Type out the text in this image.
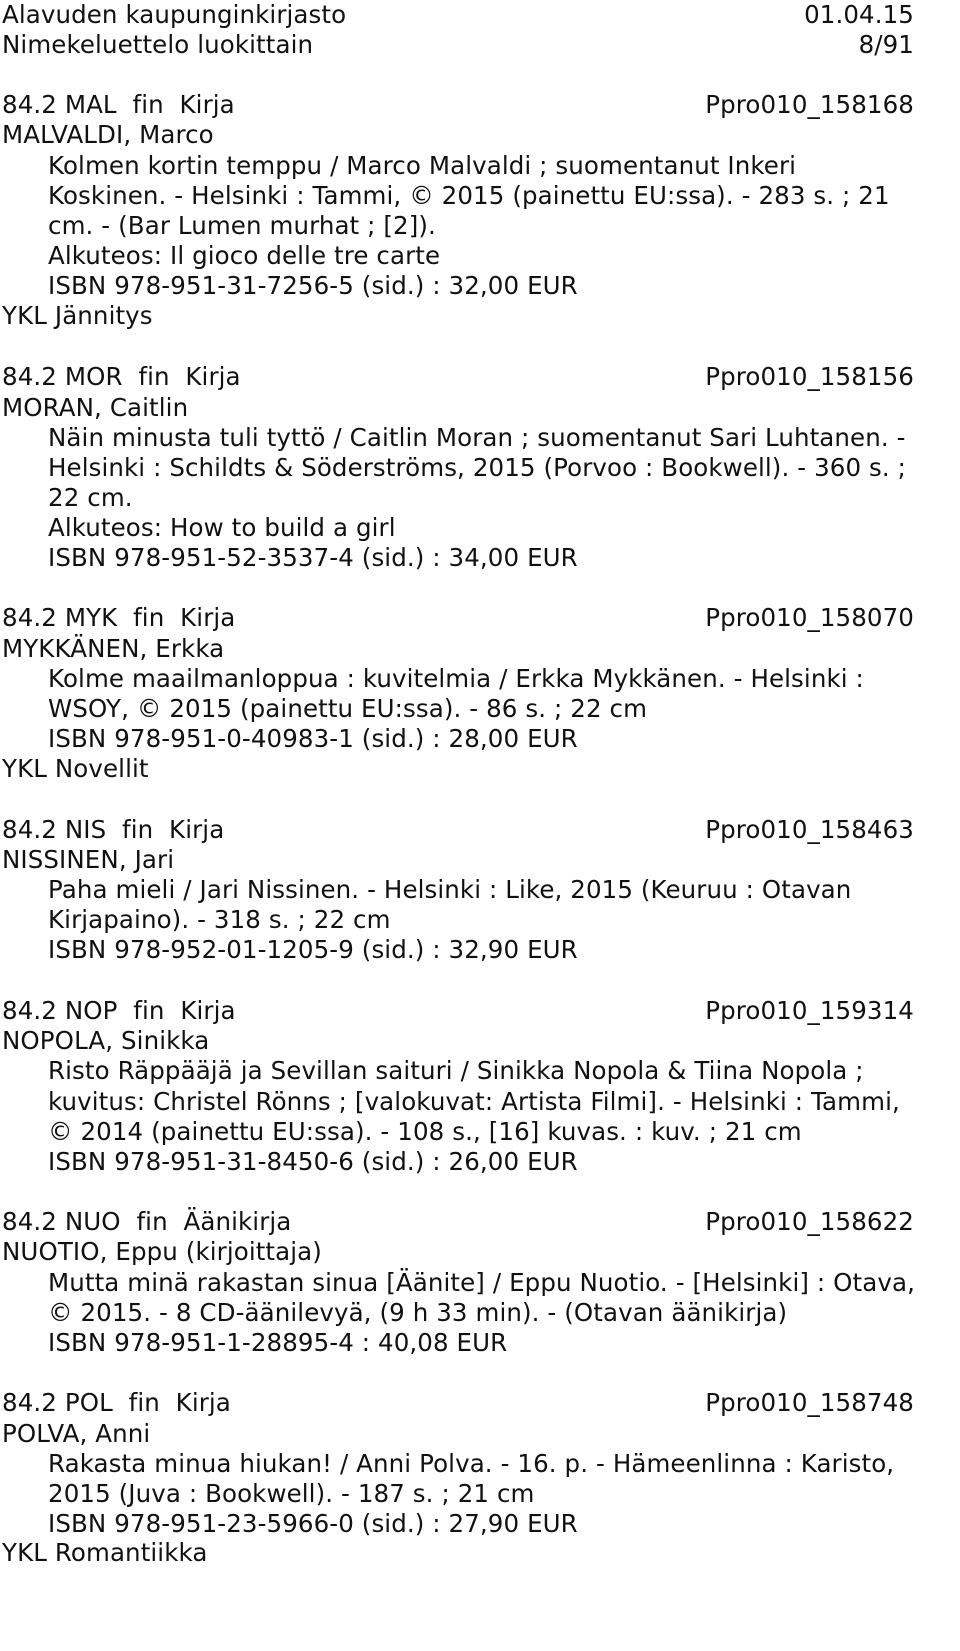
Alavuden kaupunginkirjasto	01.04.15
Nimekeluettelo luokittain	8/91
84.2 MAL  fin  Kirja	Ppro010_158168
MALVALDI, Marco
Kolmen kortin temppu / Marco Malvaldi ; suomentanut Inkeri
Koskinen. - Helsinki : Tammi, © 2015 (painettu EU:ssa). - 283 s. ; 21
cm. - (Bar Lumen murhat ; [2]).
Alkuteos: Il gioco delle tre carte
ISBN 978-951-31-7256-5 (sid.) : 32,00 EUR
YKL Jännitys
84.2 MOR  fin  Kirja	Ppro010_158156
MORAN, Caitlin
Näin minusta tuli tyttö / Caitlin Moran ; suomentanut Sari Luhtanen. -
Helsinki : Schildts & Söderströms, 2015 (Porvoo : Bookwell). - 360 s. ;
22 cm.
Alkuteos: How to build a girl
ISBN 978-951-52-3537-4 (sid.) : 34,00 EUR
84.2 MYK  fin  Kirja	Ppro010_158070
MYKKÄNEN, Erkka
Kolme maailmanloppua : kuvitelmia / Erkka Mykkänen. - Helsinki :
WSOY, © 2015 (painettu EU:ssa). - 86 s. ; 22 cm
ISBN 978-951-0-40983-1 (sid.) : 28,00 EUR
YKL Novellit
84.2 NIS  fin  Kirja	Ppro010_158463
NISSINEN, Jari
Paha mieli / Jari Nissinen. - Helsinki : Like, 2015 (Keuruu : Otavan
Kirjapaino). - 318 s. ; 22 cm
ISBN 978-952-01-1205-9 (sid.) : 32,90 EUR
84.2 NOP  fin  Kirja	Ppro010_159314
NOPOLA, Sinikka
Risto Räppääjä ja Sevillan saituri / Sinikka Nopola & Tiina Nopola ;
kuvitus: Christel Rönns ; [valokuvat: Artista Filmi]. - Helsinki : Tammi,
© 2014 (painettu EU:ssa). - 108 s., [16] kuvas. : kuv. ; 21 cm
ISBN 978-951-31-8450-6 (sid.) : 26,00 EUR
84.2 NUO  fin  Äänikirja	Ppro010_158622
NUOTIO, Eppu (kirjoittaja)
Mutta minä rakastan sinua [Äänite] / Eppu Nuotio. - [Helsinki] : Otava,
© 2015. - 8 CD-äänilevyä, (9 h 33 min). - (Otavan äänikirja)
ISBN 978-951-1-28895-4 : 40,08 EUR
84.2 POL  fin  Kirja	Ppro010_158748
POLVA, Anni
Rakasta minua hiukan! / Anni Polva. - 16. p. - Hämeenlinna : Karisto,
2015 (Juva : Bookwell). - 187 s. ; 21 cm
ISBN 978-951-23-5966-0 (sid.) : 27,90 EUR
YKL Romantiikka
